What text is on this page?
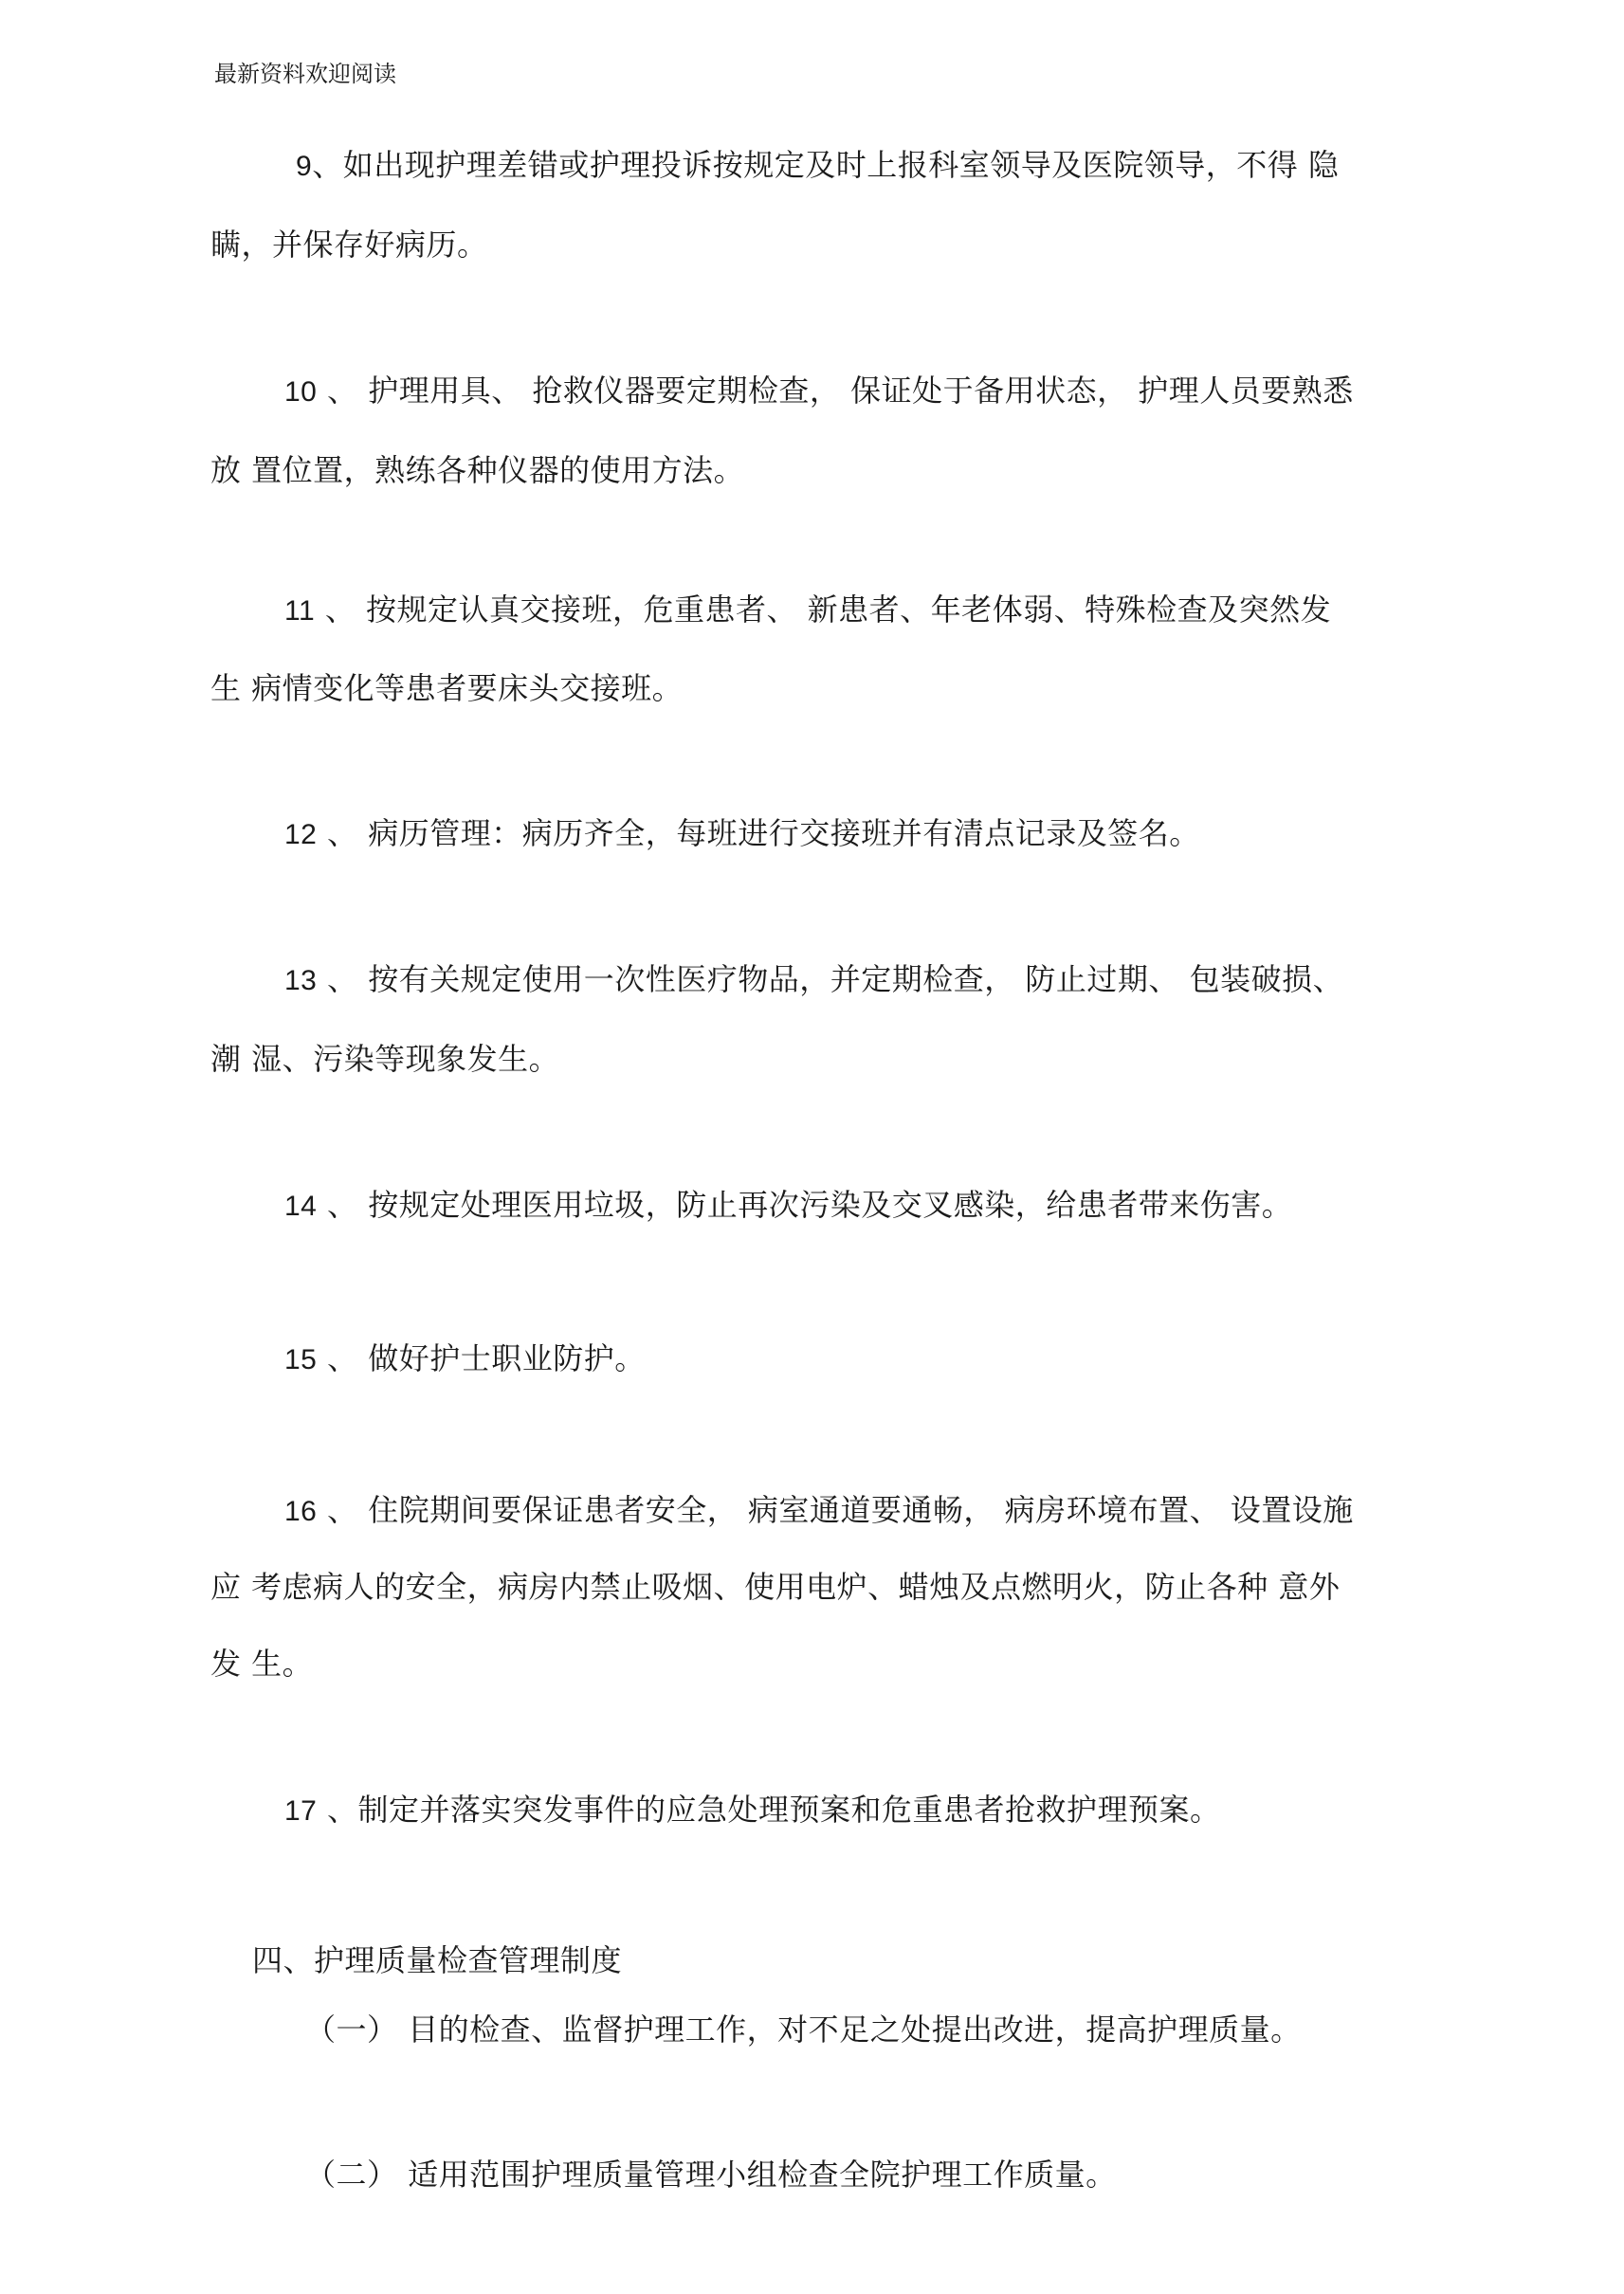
最新资料欢迎阅读
9、如出现护理差错或护理投诉按规定及时上报科室领导及医院领导，不得 隐
瞒，并保存好病历。
10 、 护理用具、 抢救仪器要定期检查， 保证处于备用状态， 护理人员要熟悉
放 置位置，熟练各种仪器的使用方法。
11 、 按规定认真交接班，危重患者、 新患者、年老体弱、特殊检查及突然发
生 病情变化等患者要床头交接班。
12 、 病历管理：病历齐全，每班进行交接班并有清点记录及签名。
13 、 按有关规定使用一次性医疗物品，并定期检查， 防止过期、 包装破损、
潮 湿、污染等现象发生。
14 、 按规定处理医用垃圾，防止再次污染及交叉感染，给患者带来伤害。
15 、 做好护士职业防护。
16 、 住院期间要保证患者安全， 病室通道要通畅， 病房环境布置、 设置设施
应 考虑病人的安全，病房内禁止吸烟、使用电炉、蜡烛及点燃明火，防止各种 意外
发 生。
17 、制定并落实突发事件的应急处理预案和危重患者抢救护理预案。
四、护理质量检查管理制度
（一） 目的检查、监督护理工作，对不足之处提出改进，提高护理质量。
（二） 适用范围护理质量管理小组检查全院护理工作质量。
